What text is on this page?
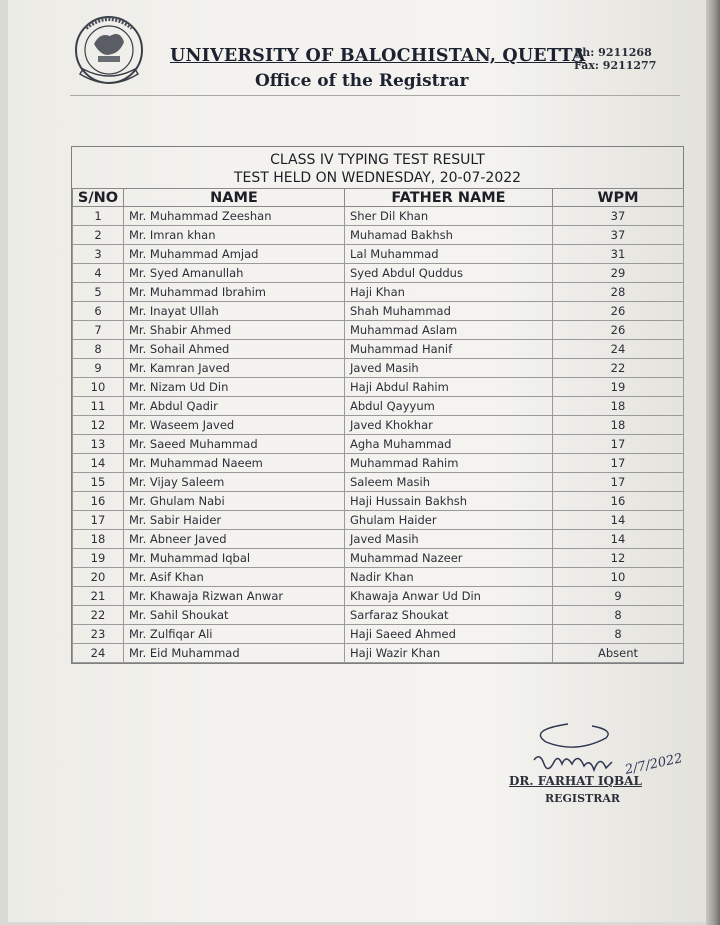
UNIVERSITY OF BALOCHISTAN, QUETTA
Office of the Registrar
Ph: 9211268
Fax: 9211277
CLASS IV TYPING TEST RESULT
TEST HELD ON WEDNESDAY, 20-07-2022
S/NO	NAME	FATHER NAME	WPM
1	Mr. Muhammad Zeeshan	Sher Dil Khan	37
2	Mr. Imran khan	Muhamad Bakhsh	37
3	Mr. Muhammad Amjad	Lal Muhammad	31
4	Mr. Syed Amanullah	Syed Abdul Quddus	29
5	Mr. Muhammad Ibrahim	Haji Khan	28
6	Mr. Inayat Ullah	Shah Muhammad	26
7	Mr. Shabir Ahmed	Muhammad Aslam	26
8	Mr. Sohail Ahmed	Muhammad Hanif	24
9	Mr. Kamran Javed	Javed Masih	22
10	Mr. Nizam Ud Din	Haji Abdul Rahim	19
11	Mr. Abdul Qadir	Abdul Qayyum	18
12	Mr. Waseem Javed	Javed Khokhar	18
13	Mr. Saeed Muhammad	Agha Muhammad	17
14	Mr. Muhammad Naeem	Muhammad Rahim	17
15	Mr. Vijay Saleem	Saleem Masih	17
16	Mr. Ghulam Nabi	Haji Hussain Bakhsh	16
17	Mr. Sabir Haider	Ghulam Haider	14
18	Mr. Abneer Javed	Javed Masih	14
19	Mr. Muhammad Iqbal	Muhammad Nazeer	12
20	Mr. Asif Khan	Nadir Khan	10
21	Mr. Khawaja Rizwan Anwar	Khawaja Anwar Ud Din	9
22	Mr. Sahil Shoukat	Sarfaraz Shoukat	8
23	Mr. Zulfiqar Ali	Haji Saeed Ahmed	8
24	Mr. Eid Muhammad	Haji Wazir Khan	Absent
2/7/2022
DR. FARHAT IQBAL
REGISTRAR
